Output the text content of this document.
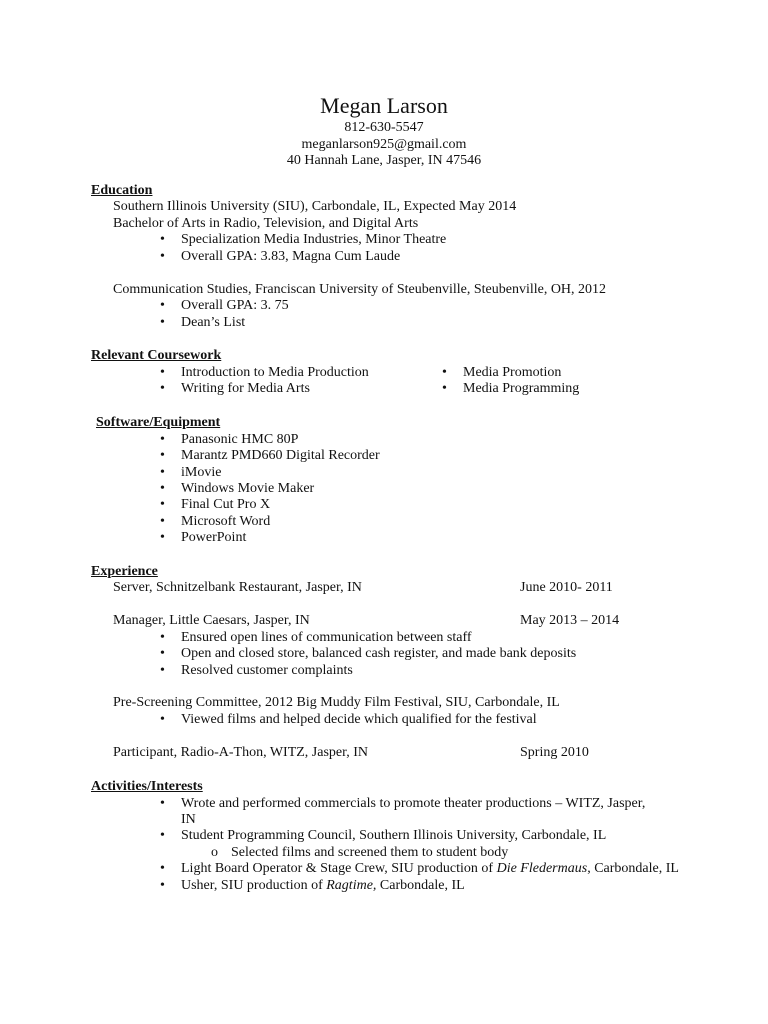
Megan Larson
812-630-5547
meganlarson925@gmail.com
40 Hannah Lane, Jasper, IN 47546
Education
Southern Illinois University (SIU), Carbondale, IL, Expected May 2014
Bachelor of Arts in Radio, Television, and Digital Arts
• Specialization Media Industries, Minor Theatre
• Overall GPA: 3.83, Magna Cum Laude
Communication Studies, Franciscan University of Steubenville, Steubenville, OH, 2012
• Overall GPA: 3. 75
• Dean’s List
Relevant Coursework
• Introduction to Media Production
• Writing for Media Arts
• Media Promotion
• Media Programming
Software/Equipment
• Panasonic HMC 80P
• Marantz PMD660 Digital Recorder
• iMovie
• Windows Movie Maker
• Final Cut Pro X
• Microsoft Word
• PowerPoint
Experience
Server, Schnitzelbank Restaurant, Jasper, IN	June 2010- 2011
Manager, Little Caesars, Jasper, IN	May 2013 – 2014
• Ensured open lines of communication between staff
• Open and closed store, balanced cash register, and made bank deposits
• Resolved customer complaints
Pre-Screening Committee, 2012 Big Muddy Film Festival, SIU, Carbondale, IL
• Viewed films and helped decide which qualified for the festival
Participant, Radio-A-Thon, WITZ, Jasper, IN	Spring 2010
Activities/Interests
• Wrote and performed commercials to promote theater productions – WITZ, Jasper,
IN
• Student Programming Council, Southern Illinois University, Carbondale, IL
o Selected films and screened them to student body
• Light Board Operator & Stage Crew, SIU production of Die Fledermaus, Carbondale, IL
• Usher, SIU production of Ragtime, Carbondale, IL
